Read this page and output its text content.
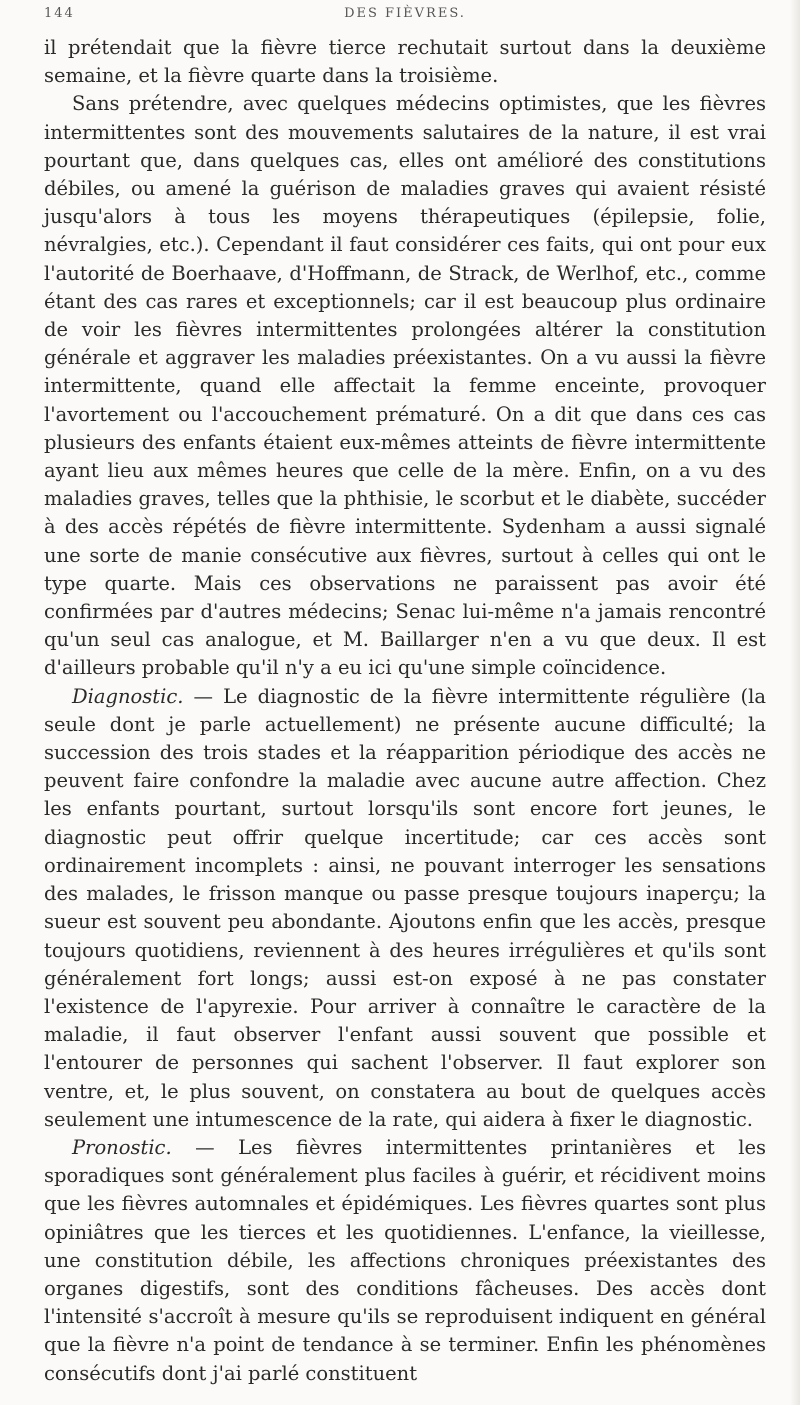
144	DES FIÈVRES.

il prétendait que la fièvre tierce rechutait surtout dans la deuxième semaine, et la fièvre quarte dans la troisième.

Sans prétendre, avec quelques médecins optimistes, que les fièvres intermittentes sont des mouvements salutaires de la nature, il est vrai pourtant que, dans quelques cas, elles ont amélioré des constitutions débiles, ou amené la guérison de maladies graves qui avaient résisté jusqu'alors à tous les moyens thérapeutiques (épilepsie, folie, névralgies, etc.). Cependant il faut considérer ces faits, qui ont pour eux l'autorité de Boerhaave, d'Hoffmann, de Strack, de Werlhof, etc., comme étant des cas rares et exceptionnels; car il est beaucoup plus ordinaire de voir les fièvres intermittentes prolongées altérer la constitution générale et aggraver les maladies préexistantes. On a vu aussi la fièvre intermittente, quand elle affectait la femme enceinte, provoquer l'avortement ou l'accouchement prématuré. On a dit que dans ces cas plusieurs des enfants étaient eux-mêmes atteints de fièvre intermittente ayant lieu aux mêmes heures que celle de la mère. Enfin, on a vu des maladies graves, telles que la phthisie, le scorbut et le diabète, succéder à des accès répétés de fièvre intermittente. Sydenham a aussi signalé une sorte de manie consécutive aux fièvres, surtout à celles qui ont le type quarte. Mais ces observations ne paraissent pas avoir été confirmées par d'autres médecins; Senac lui-même n'a jamais rencontré qu'un seul cas analogue, et M. Baillarger n'en a vu que deux. Il est d'ailleurs probable qu'il n'y a eu ici qu'une simple coïncidence.

Diagnostic. — Le diagnostic de la fièvre intermittente régulière (la seule dont je parle actuellement) ne présente aucune difficulté; la succession des trois stades et la réapparition périodique des accès ne peuvent faire confondre la maladie avec aucune autre affection. Chez les enfants pourtant, surtout lorsqu'ils sont encore fort jeunes, le diagnostic peut offrir quelque incertitude; car ces accès sont ordinairement incomplets : ainsi, ne pouvant interroger les sensations des malades, le frisson manque ou passe presque toujours inaperçu; la sueur est souvent peu abondante. Ajoutons enfin que les accès, presque toujours quotidiens, reviennent à des heures irrégulières et qu'ils sont généralement fort longs; aussi est-on exposé à ne pas constater l'existence de l'apyrexie. Pour arriver à connaître le caractère de la maladie, il faut observer l'enfant aussi souvent que possible et l'entourer de personnes qui sachent l'observer. Il faut explorer son ventre, et, le plus souvent, on constatera au bout de quelques accès seulement une intumescence de la rate, qui aidera à fixer le diagnostic.

Pronostic. — Les fièvres intermittentes printanières et les sporadiques sont généralement plus faciles à guérir, et récidivent moins que les fièvres automnales et épidémiques. Les fièvres quartes sont plus opiniâtres que les tierces et les quotidiennes. L'enfance, la vieillesse, une constitution débile, les affections chroniques préexistantes des organes digestifs, sont des conditions fâcheuses. Des accès dont l'intensité s'accroît à mesure qu'ils se reproduisent indiquent en général que la fièvre n'a point de tendance à se terminer. Enfin les phénomènes consécutifs dont j'ai parlé constituent
